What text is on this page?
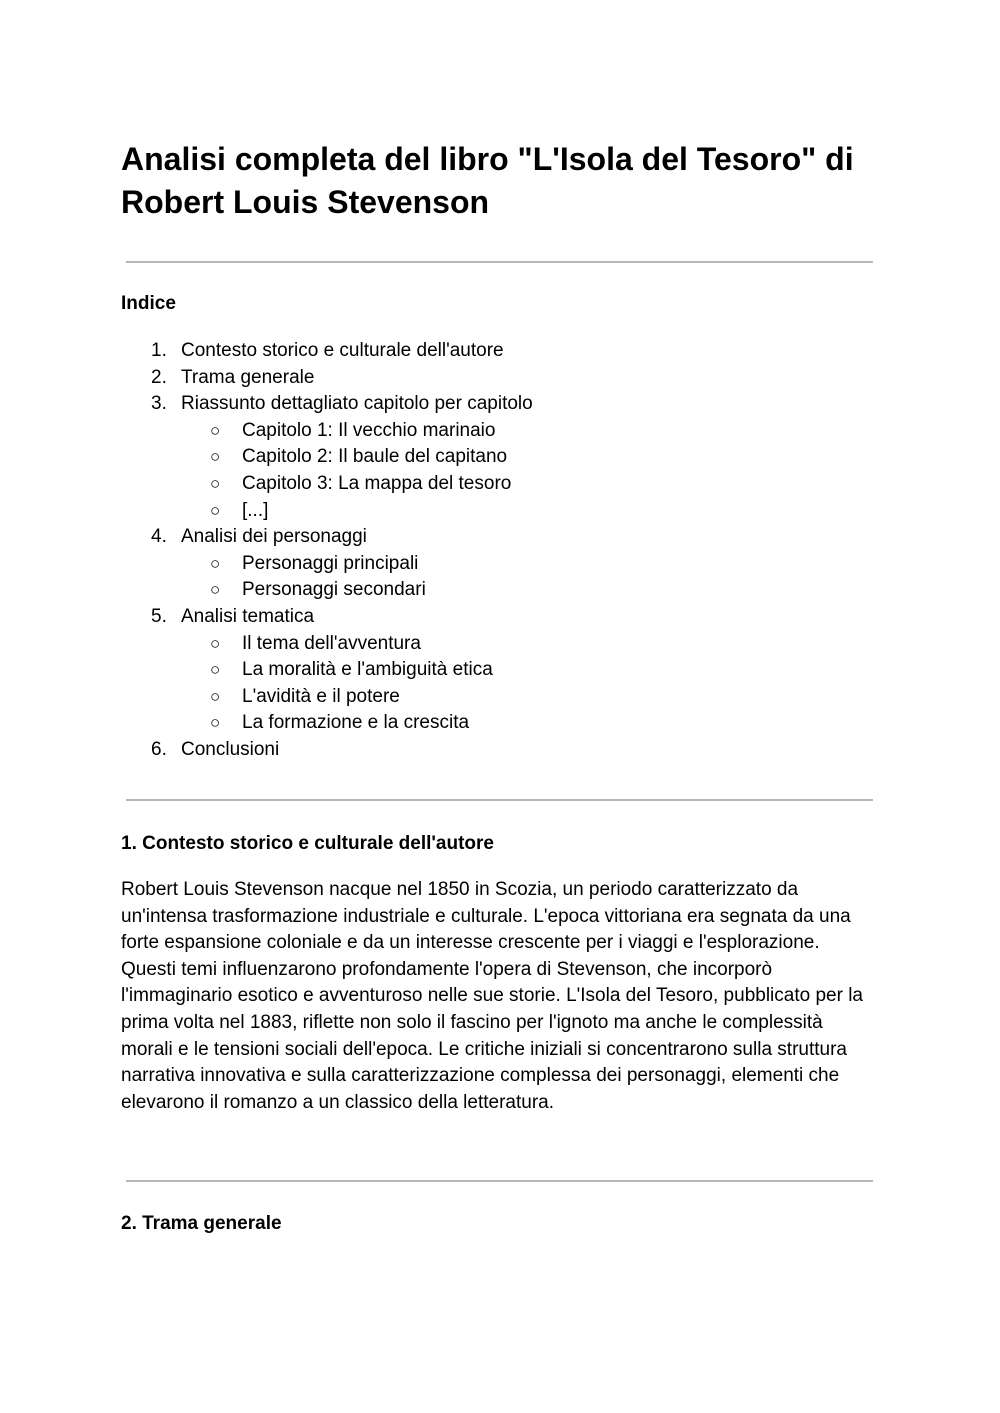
Analisi completa del libro "L'Isola del Tesoro" di Robert Louis Stevenson
Indice
1. Contesto storico e culturale dell'autore
2. Trama generale
3. Riassunto dettagliato capitolo per capitolo
○ Capitolo 1: Il vecchio marinaio
○ Capitolo 2: Il baule del capitano
○ Capitolo 3: La mappa del tesoro
○ [...]
4. Analisi dei personaggi
○ Personaggi principali
○ Personaggi secondari
5. Analisi tematica
○ Il tema dell'avventura
○ La moralità e l'ambiguità etica
○ L'avidità e il potere
○ La formazione e la crescita
6. Conclusioni
1. Contesto storico e culturale dell'autore

Robert Louis Stevenson nacque nel 1850 in Scozia, un periodo caratterizzato da un'intensa trasformazione industriale e culturale. L'epoca vittoriana era segnata da una forte espansione coloniale e da un interesse crescente per i viaggi e l'esplorazione. Questi temi influenzarono profondamente l'opera di Stevenson, che incorporò l'immaginario esotico e avventuroso nelle sue storie. L'Isola del Tesoro, pubblicato per la prima volta nel 1883, riflette non solo il fascino per l'ignoto ma anche le complessità morali e le tensioni sociali dell'epoca. Le critiche iniziali si concentrarono sulla struttura narrativa innovativa e sulla caratterizzazione complessa dei personaggi, elementi che elevarono il romanzo a un classico della letteratura.

2. Trama generale
